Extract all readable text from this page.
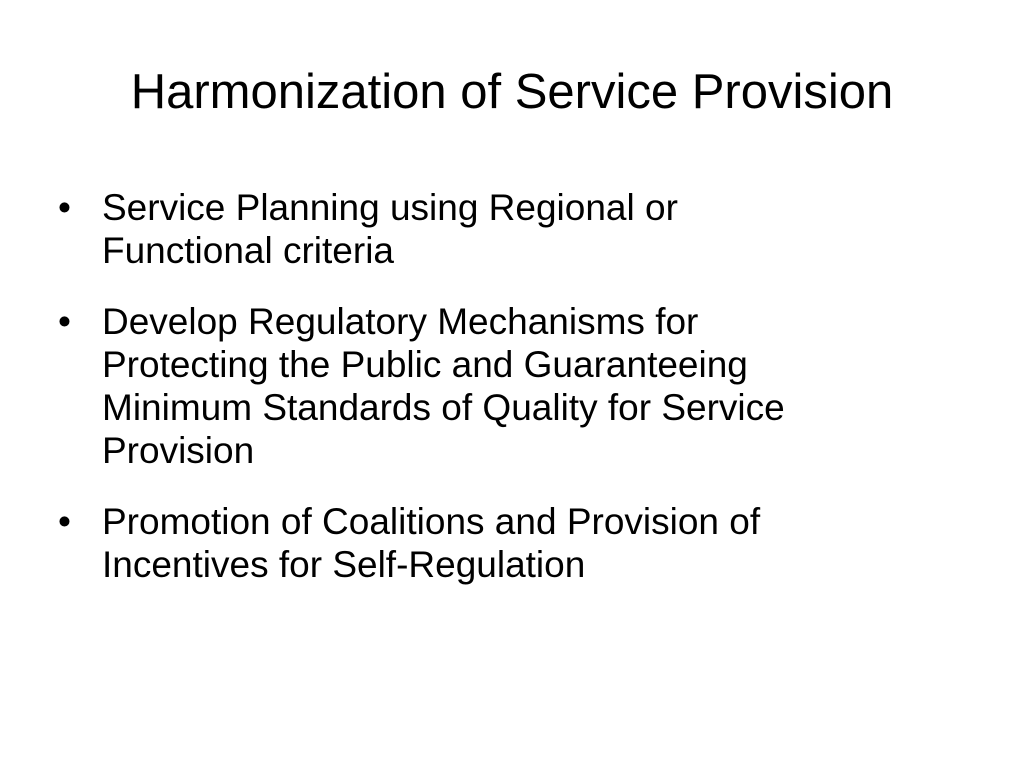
Harmonization of Service Provision
• Service Planning using Regional or
Functional criteria
• Develop Regulatory Mechanisms for
Protecting the Public and Guaranteeing
Minimum Standards of Quality for Service
Provision
• Promotion of Coalitions and Provision of
Incentives for Self-Regulation
